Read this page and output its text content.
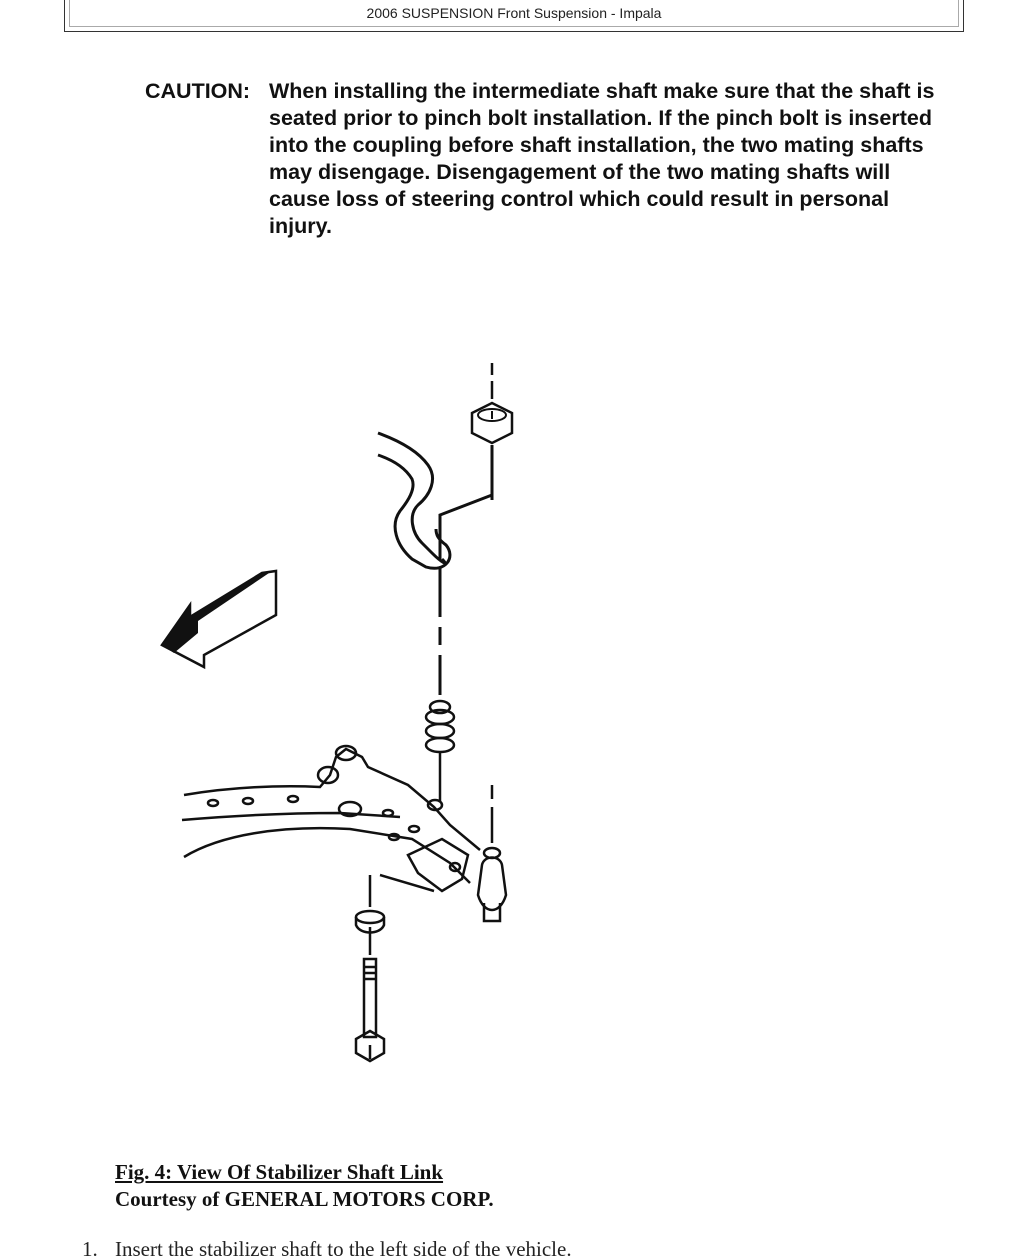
2006 SUSPENSION Front Suspension - Impala
CAUTION: When installing the intermediate shaft make sure that the shaft is seated prior to pinch bolt installation. If the pinch bolt is inserted into the coupling before shaft installation, the two mating shafts may disengage. Disengagement of the two mating shafts will cause loss of steering control which could result in personal injury.
Fig. 4: View Of Stabilizer Shaft Link
Courtesy of GENERAL MOTORS CORP.
1. Insert the stabilizer shaft to the left side of the vehicle.
